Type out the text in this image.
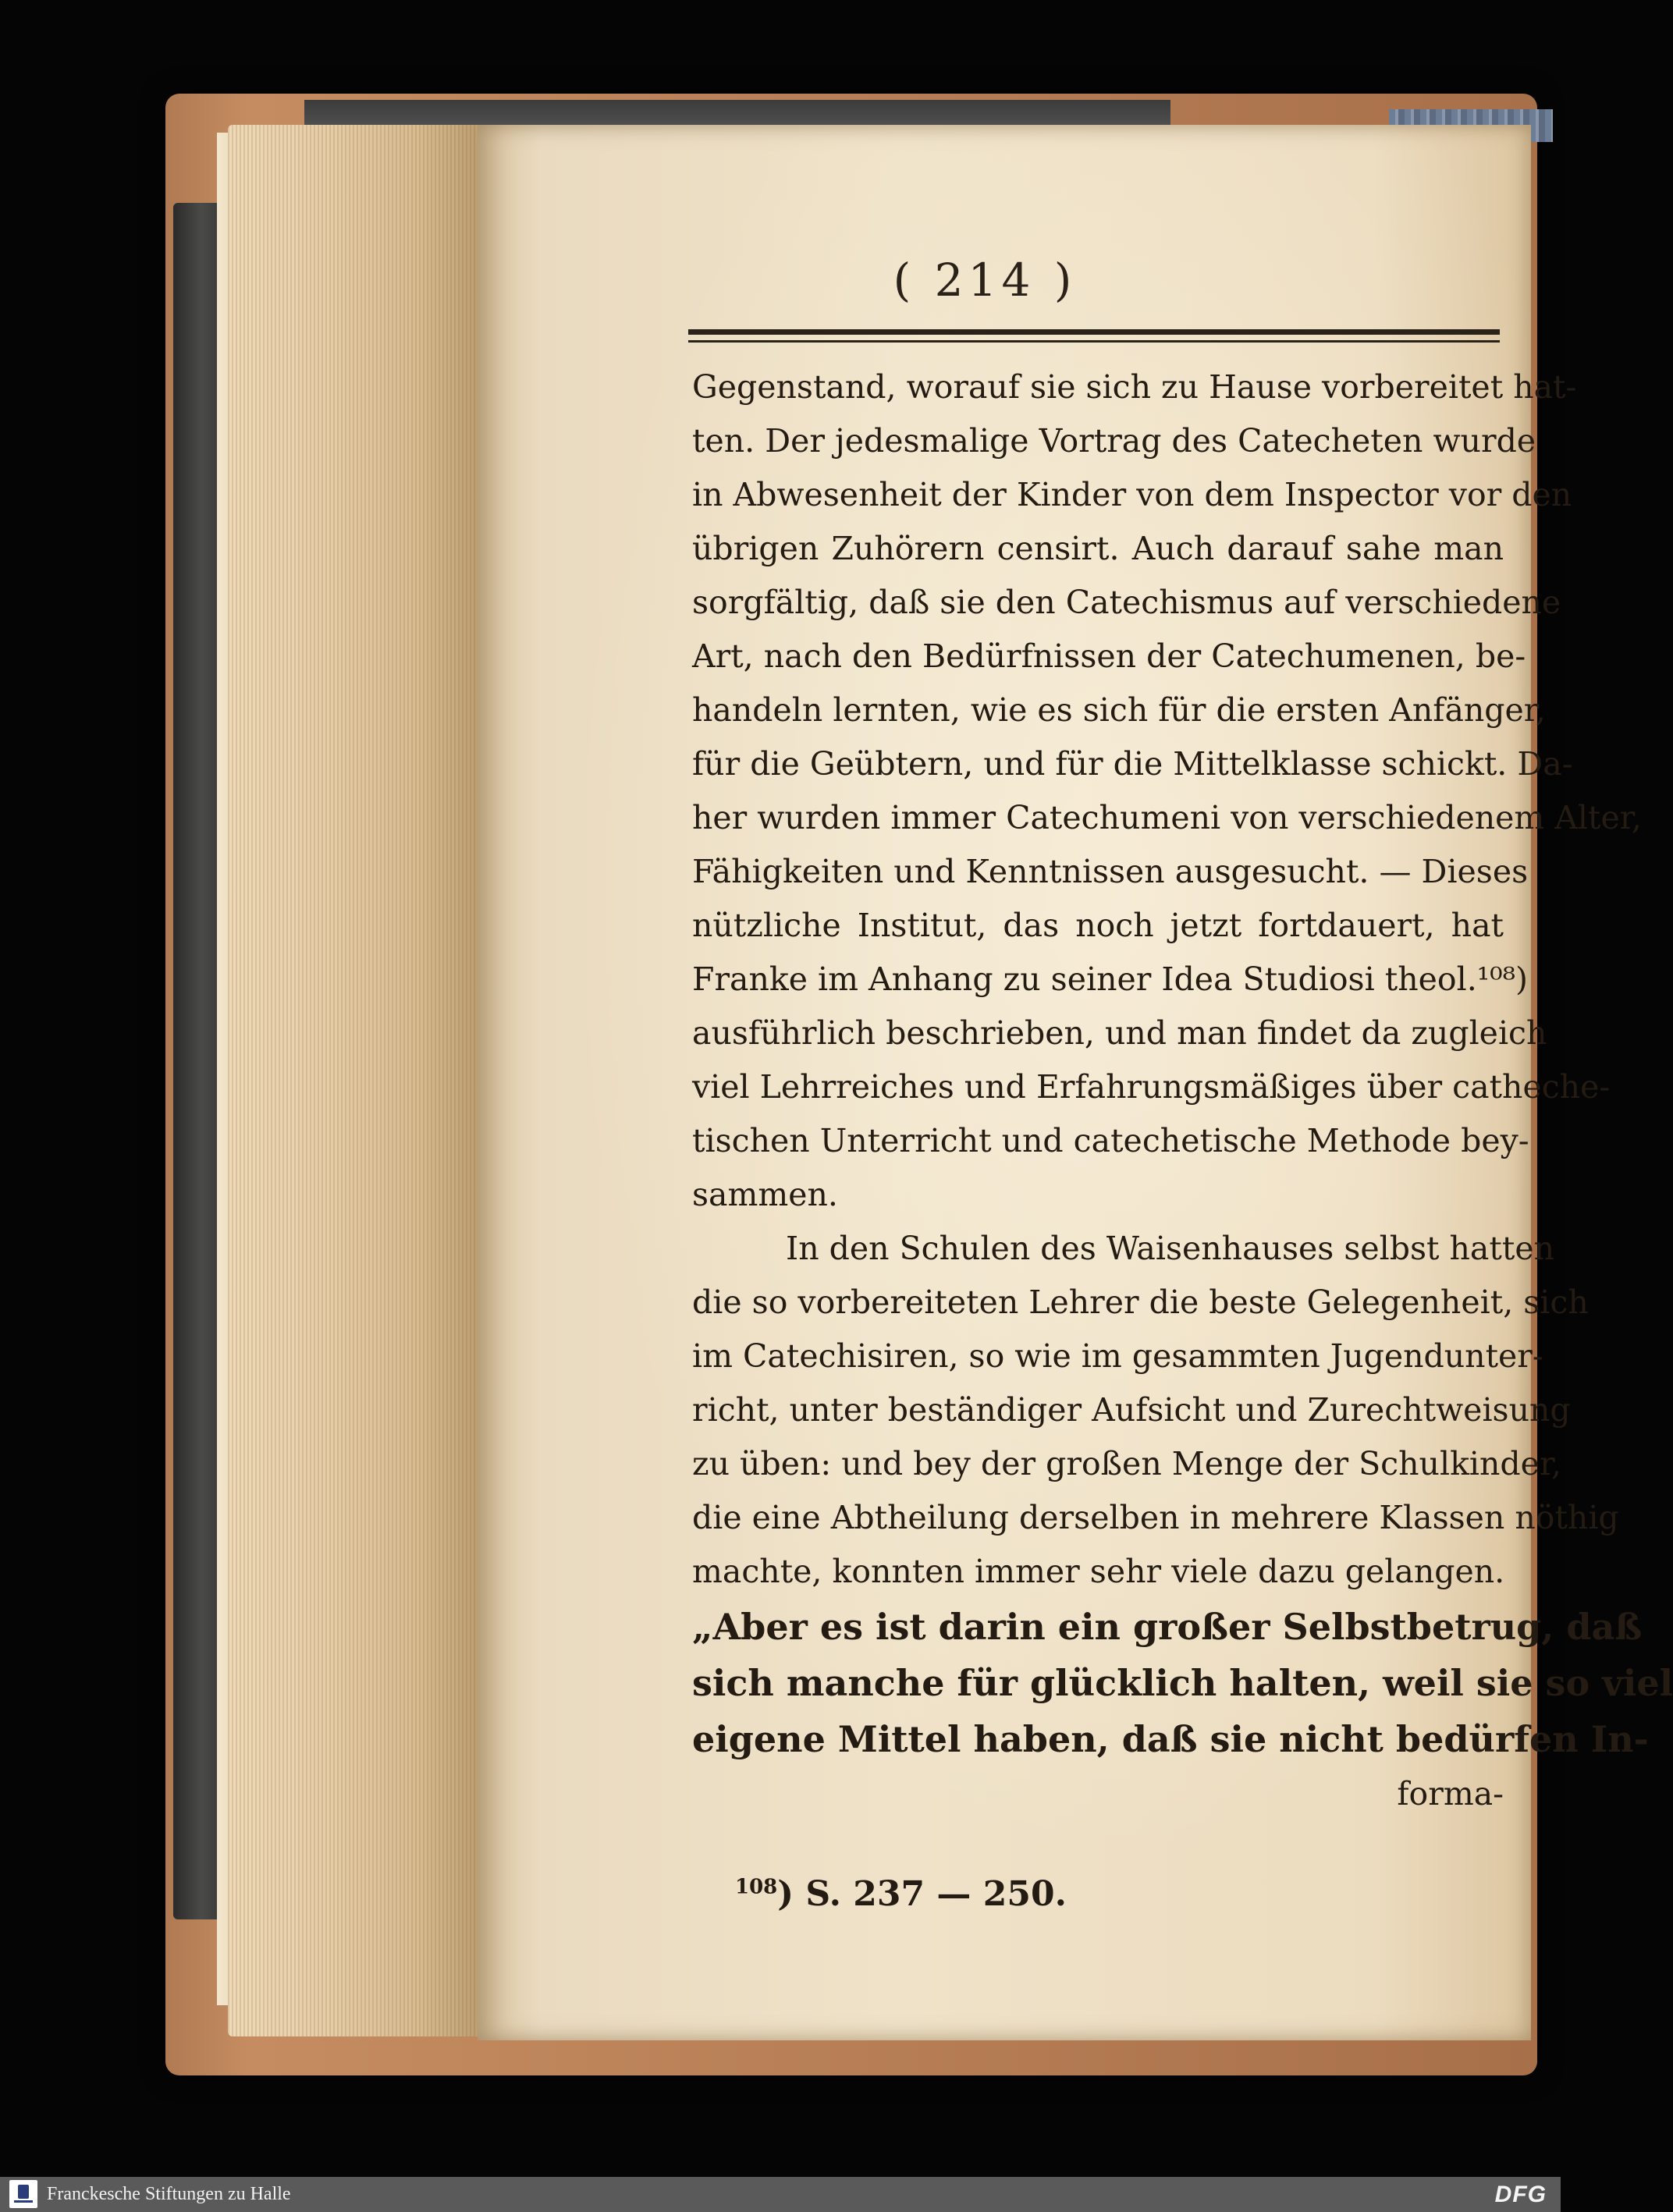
( 214 )
Gegenstand, worauf sie sich zu Hause vorbereitet hat-
ten. Der jedesmalige Vortrag des Catecheten wurde
in Abwesenheit der Kinder von dem Inspector vor den
übrigen Zuhörern censirt. Auch darauf sahe man
sorgfältig, daß sie den Catechismus auf verschiedene
Art, nach den Bedürfnissen der Catechumenen, be-
handeln lernten, wie es sich für die ersten Anfänger,
für die Geübtern, und für die Mittelklasse schickt. Da-
her wurden immer Catechumeni von verschiedenem Alter,
Fähigkeiten und Kenntnissen ausgesucht. — Dieses
nützliche Institut, das noch jetzt fortdauert, hat
Franke im Anhang zu seiner Idea Studiosi theol.¹⁰⁸)
ausführlich beschrieben, und man findet da zugleich
viel Lehrreiches und Erfahrungsmäßiges über catheche-
tischen Unterricht und catechetische Methode bey-
sammen.
In den Schulen des Waisenhauses selbst hatten
die so vorbereiteten Lehrer die beste Gelegenheit, sich
im Catechisiren, so wie im gesammten Jugendunter-
richt, unter beständiger Aufsicht und Zurechtweisung
zu üben: und bey der großen Menge der Schulkinder,
die eine Abtheilung derselben in mehrere Klassen nöthig
machte, konnten immer sehr viele dazu gelangen.
„Aber es ist darin ein großer Selbstbetrug, daß
sich manche für glücklich halten, weil sie so viel
eigene Mittel haben, daß sie nicht bedürfen In-
forma-
$^{108}$) S. 237 — 250.
Franckesche Stiftungen zu Halle	DFG
